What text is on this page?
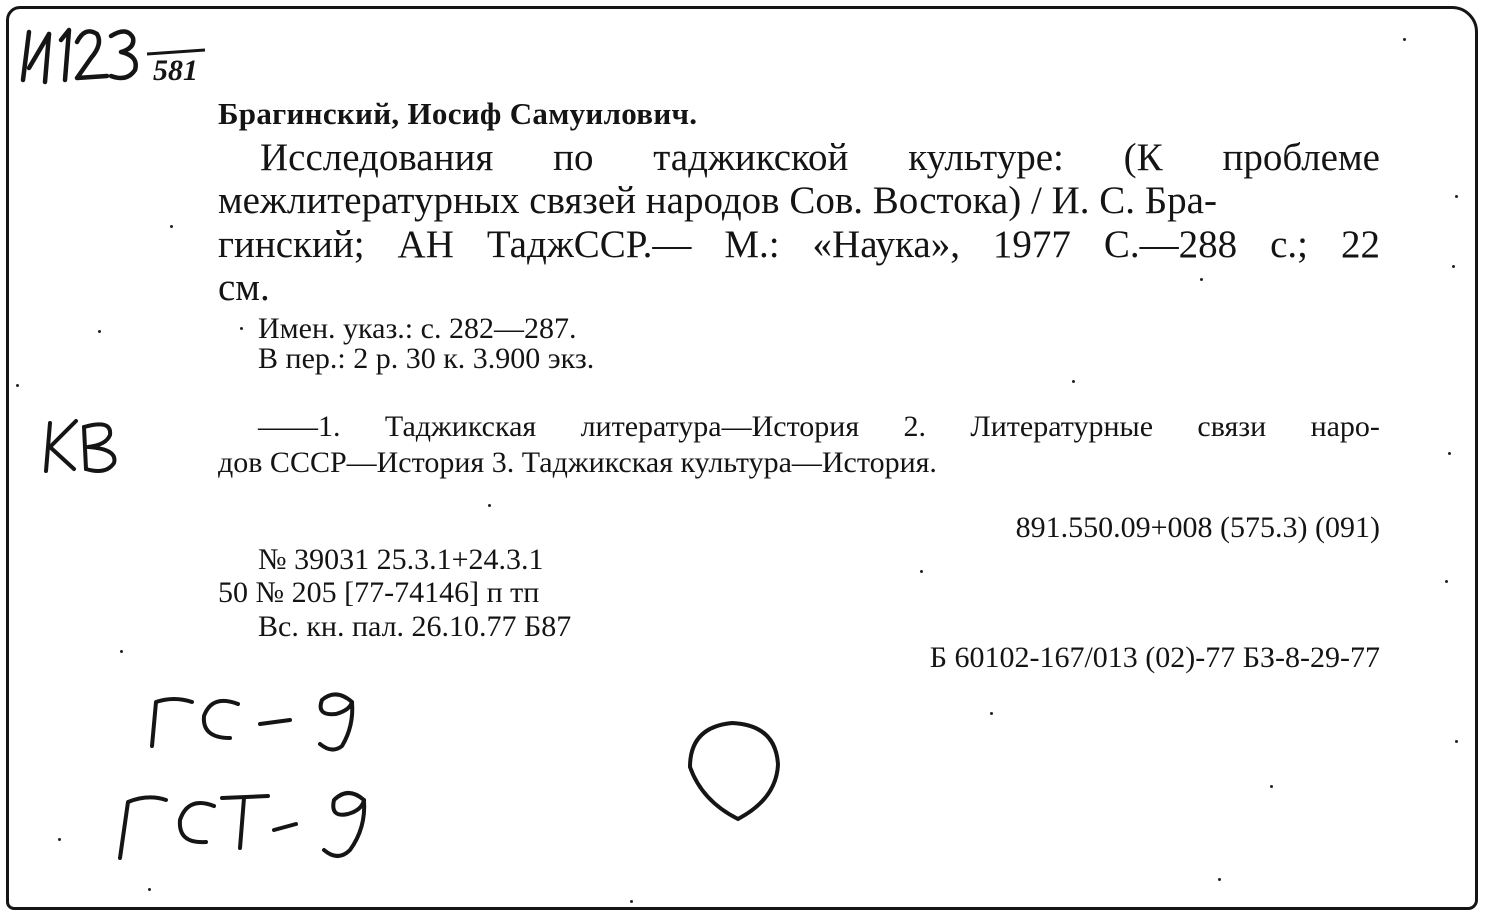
581
Брагинский, Иосиф Самуилович.
Исследования по таджикской культуре: (К проблеме
межлитературных связей народов Сов. Востока) / И. С. Бра-
гинский; АН ТаджССР.— М.: «Наука», 1977 С.—288 с.; 22
см.
Имен. указ.: с. 282—287.
В пер.: 2 р. 30 к. 3.900 экз.
——1. Таджикская литература—История 2. Литературные связи наро-
дов СССР—История 3. Таджикская культура—История.
891.550.09+008 (575.3) (091)
№ 39031 25.3.1+24.3.1
50 № 205 [77-74146] п тп
Вс. кн. пал. 26.10.77 Б87
Б 60102-167/013 (02)-77 БЗ-8-29-77
